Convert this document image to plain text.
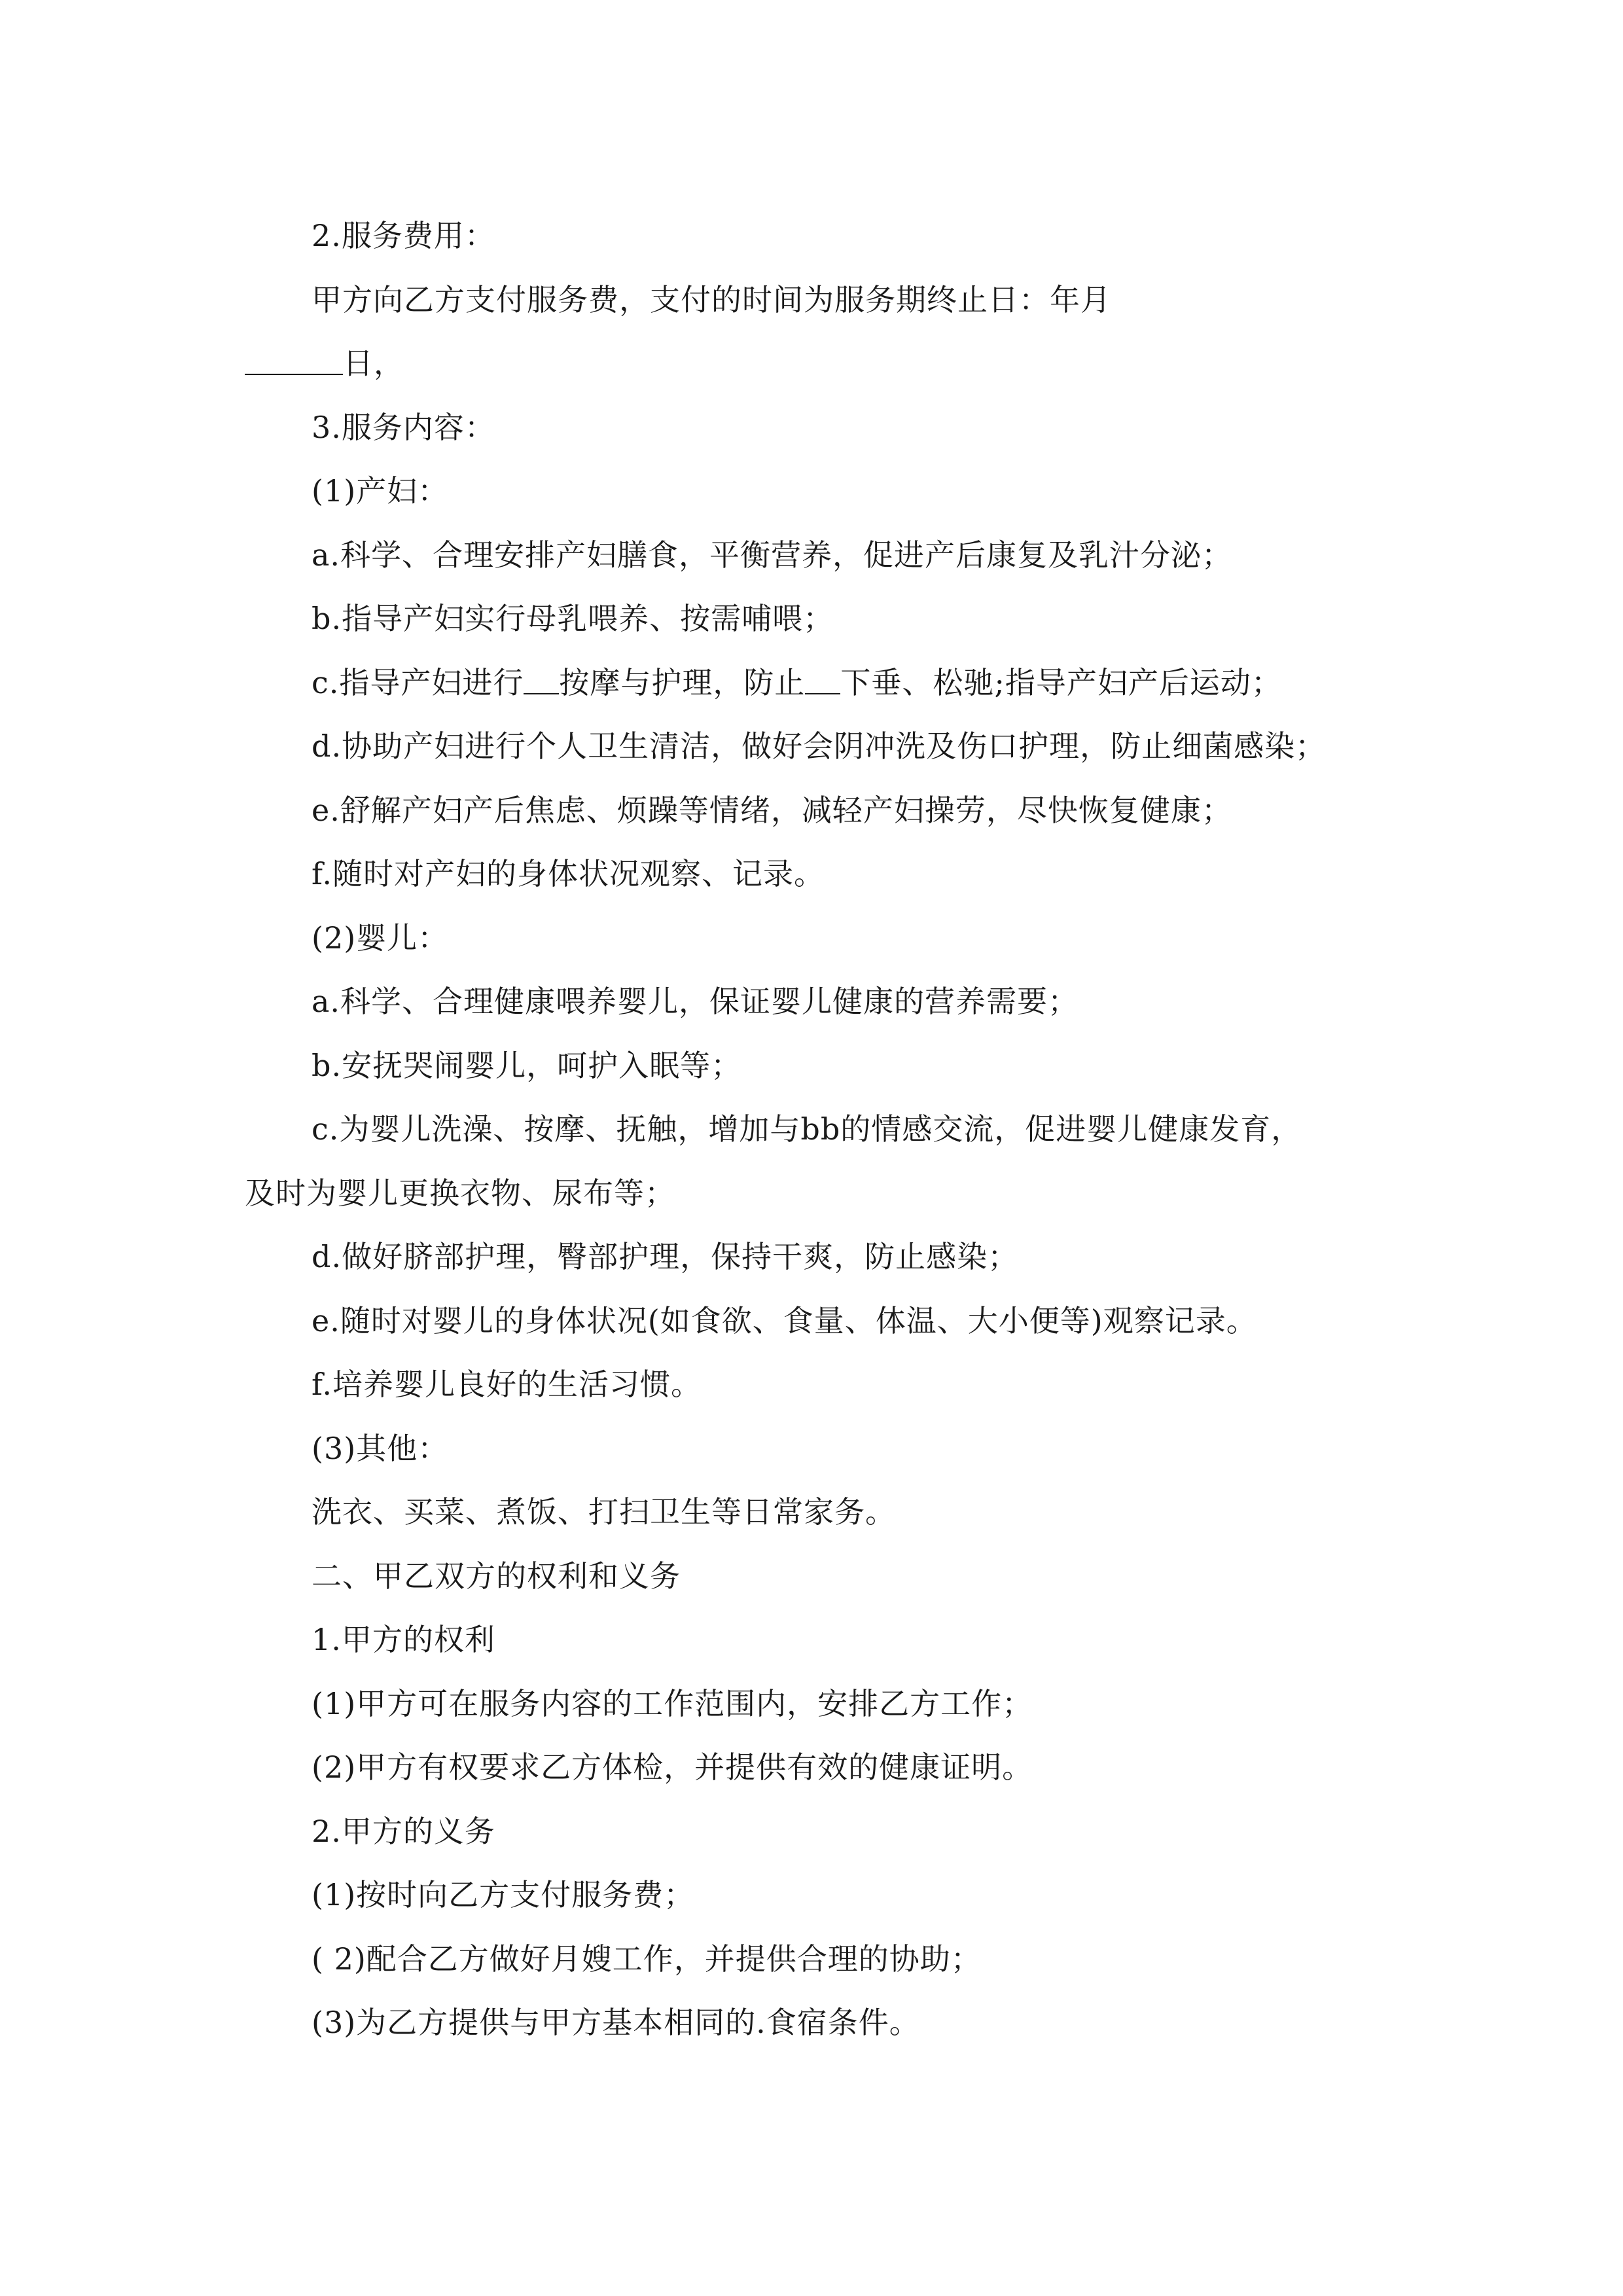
2.服务费用：
甲方向乙方支付服务费，支付的时间为服务期终止日：年月
日，
3.服务内容：
(1)产妇：
a.科学、合理安排产妇膳食，平衡营养，促进产后康复及乳汁分泌；
b.指导产妇实行母乳喂养、按需哺喂；
c.指导产妇进行 按摩与护理，防止 下垂、松驰;指导产妇产后运动；
d.协助产妇进行个人卫生清洁，做好会阴冲洗及伤口护理，防止细菌感染；
e.舒解产妇产后焦虑、烦躁等情绪，减轻产妇操劳，尽快恢复健康；
f.随时对产妇的身体状况观察、记录。
(2)婴儿：
a.科学、合理健康喂养婴儿，保证婴儿健康的营养需要；
b.安抚哭闹婴儿，呵护入眠等；
c.为婴儿洗澡、按摩、抚触，增加与bb的情感交流，促进婴儿健康发育，
及时为婴儿更换衣物、尿布等；
d.做好脐部护理，臀部护理，保持干爽，防止感染；
e.随时对婴儿的身体状况(如食欲、食量、体温、大小便等)观察记录。
f.培养婴儿良好的生活习惯。
(3)其他：
洗衣、买菜、煮饭、打扫卫生等日常家务。
二、甲乙双方的权利和义务
1.甲方的权利
(1)甲方可在服务内容的工作范围内，安排乙方工作；
(2)甲方有权要求乙方体检，并提供有效的健康证明。
2.甲方的义务
(1)按时向乙方支付服务费；
( 2)配合乙方做好月嫂工作，并提供合理的协助；
(3)为乙方提供与甲方基本相同的.食宿条件。
